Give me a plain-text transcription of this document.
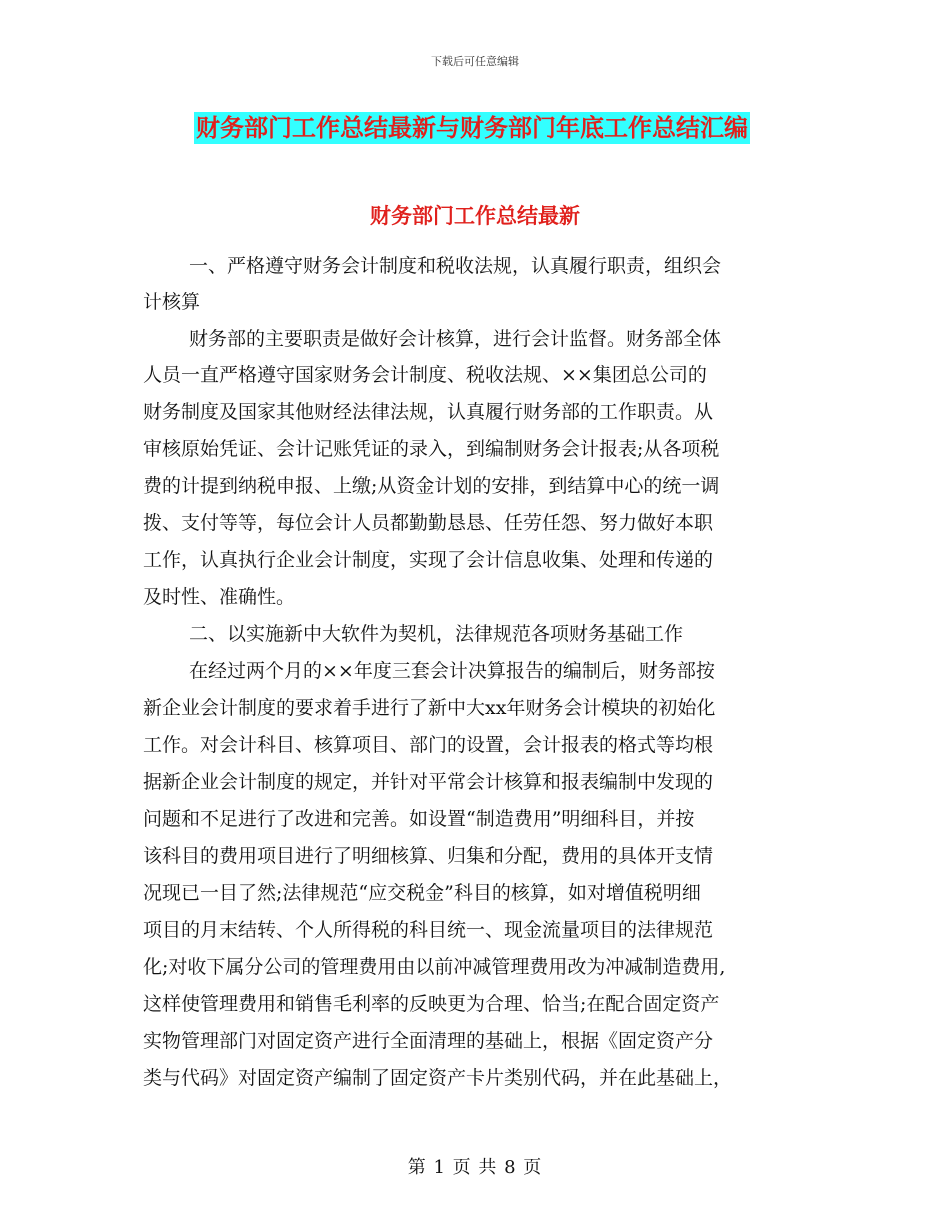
下载后可任意编辑
财务部门工作总结最新与财务部门年底工作总结汇编
财务部门工作总结最新
一、严格遵守财务会计制度和税收法规，认真履行职责，组织会
计核算
财务部的主要职责是做好会计核算，进行会计监督。财务部全体
人员一直严格遵守国家财务会计制度、税收法规、××集团总公司的
财务制度及国家其他财经法律法规，认真履行财务部的工作职责。从
审核原始凭证、会计记账凭证的录入，到编制财务会计报表;从各项税
费的计提到纳税申报、上缴;从资金计划的安排，到结算中心的统一调
拨、支付等等，每位会计人员都勤勤恳恳、任劳任怨、努力做好本职
工作，认真执行企业会计制度，实现了会计信息收集、处理和传递的
及时性、准确性。
二、以实施新中大软件为契机，法律规范各项财务基础工作
在经过两个月的××年度三套会计决算报告的编制后，财务部按
新企业会计制度的要求着手进行了新中大xx年财务会计模块的初始化
工作。对会计科目、核算项目、部门的设置，会计报表的格式等均根
据新企业会计制度的规定，并针对平常会计核算和报表编制中发现的
问题和不足进行了改进和完善。如设置“制造费用”明细科目，并按
该科目的费用项目进行了明细核算、归集和分配，费用的具体开支情
况现已一目了然;法律规范“应交税金”科目的核算，如对增值税明细
项目的月末结转、个人所得税的科目统一、现金流量项目的法律规范
化;对收下属分公司的管理费用由以前冲减管理费用改为冲减制造费用,
这样使管理费用和销售毛利率的反映更为合理、恰当;在配合固定资产
实物管理部门对固定资产进行全面清理的基础上，根据《固定资产分
类与代码》对固定资产编制了固定资产卡片类别代码，并在此基础上，
第 1 页 共 8 页
